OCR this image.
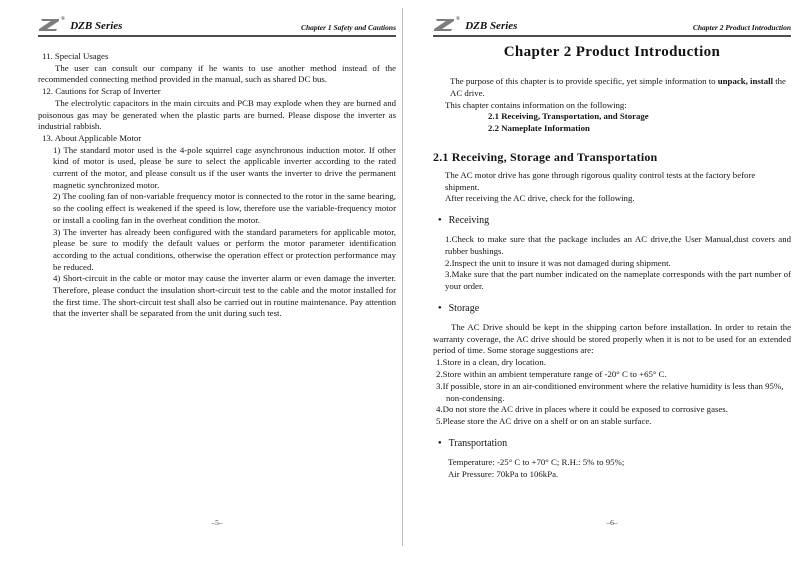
®
DZB Series	Chapter 1 Safety and Cautions
11. Special Usages
The user can consult our company if he wants to use another method instead of the recommended connecting method provided in the manual, such as shared DC bus.
12. Cautions for Scrap of Inverter
The electrolytic capacitors in the main circuits and PCB may explode when they are burned and poisonous gas may be generated when the plastic parts are burned. Please dispose the inverter as industrial rabbish.
13. About Applicable Motor
1) The standard motor used is the 4-pole squirrel cage asynchronous induction motor. If other kind of motor is used, please be sure to select the applicable inverter according to the rated current of the motor, and please consult us if the user wants the inverter to drive the permanent magnetic synchronized motor.
2) The cooling fan of non-variable frequency motor is connected to the rotor in the same bearing, so the cooling effect is weakened if the speed is low, therefore use the variable-frequency motor or install a cooling fan in the overheat condition the motor.
3) The inverter has already been configured with the standard parameters for applicable motor, please be sure to modify the default values or perform the motor parameter identification according to the actual conditions, otherwise the operation effect or protection performance may be reduced.
4) Short-circuit in the cable or motor may cause the inverter alarm or even damage the inverter. Therefore, please conduct the insulation short-circuit test to the cable and the motor installed for the first time. The short-circuit test shall also be carried out in routine maintenance. Pay attention that the inverter shall be separated from the unit during such test.
–5–
®
DZB Series	Chapter 2 Product Introduction
Chapter 2 Product Introduction
The purpose of this chapter is to provide specific, yet simple information to unpack, install the AC drive.
This chapter contains information on the following:
2.1 Receiving, Transportation, and Storage
2.2 Nameplate Information
2.1 Receiving, Storage and Transportation
The AC motor drive has gone through rigorous quality control tests at the factory before shipment.
After receiving the AC drive, check for the following.
● Receiving
1.Check to make sure that the package includes an AC drive,the User Manual,dust covers and rubber bushings.
2.Inspect the unit to insure it was not damaged during shipment.
3.Make sure that the part number indicated on the nameplate corresponds with the part number of your order.
● Storage
The AC Drive should be kept in the shipping carton before installation. In order to retain the warranty coverage, the AC drive should be stored properly when it is not to be used for an extended period of time. Some storage suggestions are:
1.Store in a clean, dry location.
2.Store within an ambient temperature range of -20° C to +65° C.
3.If possible, store in an air-conditioned environment where the relative humidity is less than 95%, non-condensing.
4.Do not store the AC drive in places where it could be exposed to corrosive gases.
5.Please store the AC drive on a shelf or on an stable surface.
● Transportation
Temperature: -25° C to +70° C; R.H.: 5% to 95%;
Air Pressure: 70kPa to 106kPa.
–6–
